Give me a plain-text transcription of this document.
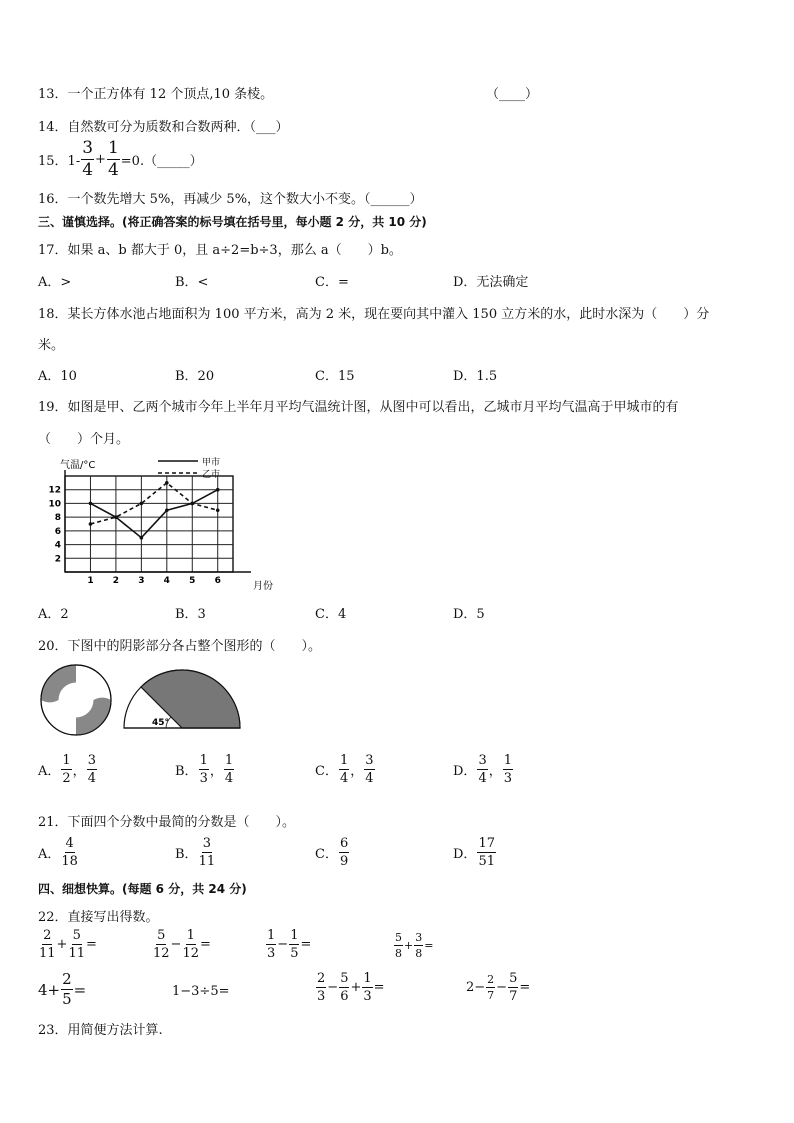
13．一个正方体有 12 个顶点,10 条棱。	（____）
14．自然数可分为质数和合数两种．（___）
15．$1- \frac{3}{4} + \frac{1}{4}$ =0.（_____）
16．一个数先增大 5%，再减少 5%，这个数大小不变。（______）
三、谨慎选择。(将正确答案的标号填在括号里，每小题 2 分，共 10 分)
17．如果 a、b 都大于 0，且 a÷2=b÷3，那么 a（　　）b。
A．>	B．<	C．=	D．无法确定
18．某长方体水池占地面积为 100 平方米，高为 2 米，现在要向其中灌入 150 立方米的水，此时水深为（　　）分
米。
A．10	B．20	C．15	D．1.5
19．如图是甲、乙两个城市今年上半年月平均气温统计图，从图中可以看出，乙城市月平均气温高于甲城市的有
（　　）个月。
气温/°C
月份
甲市
乙市
2
4
6
8
10
12
1 2 3 4 5 6
A．2	B．3	C．4	D．5
20．下图中的阴影部分各占整个图形的（　　）。
45°
A． $\frac{1}{2}$ ， $\frac{3}{4}$	B． $\frac{1}{3}$ ， $\frac{1}{4}$	C． $\frac{1}{4}$ ， $\frac{3}{4}$	D． $\frac{3}{4}$ ， $\frac{1}{3}$
21．下面四个分数中最简的分数是（　　）。
A． $\frac{4}{18}$	B． $\frac{3}{11}$	C． $\frac{6}{9}$	D． $\frac{17}{51}$
四、细想快算。(每题 6 分，共 24 分)
22．直接写出得数。
$\frac{2}{11} + \frac{5}{11}$ =	$\frac{5}{12} - \frac{1}{12}$ =	$\frac{1}{3} - \frac{1}{5}$ =	$\frac{5}{8} + \frac{3}{8}$ =
$4+ \frac{2}{5}$ =	1−3÷5=	$\frac{2}{3} - \frac{5}{6} + \frac{1}{3}$ =	$2- \frac{2}{7} - \frac{5}{7}$ =
23．用简便方法计算.
